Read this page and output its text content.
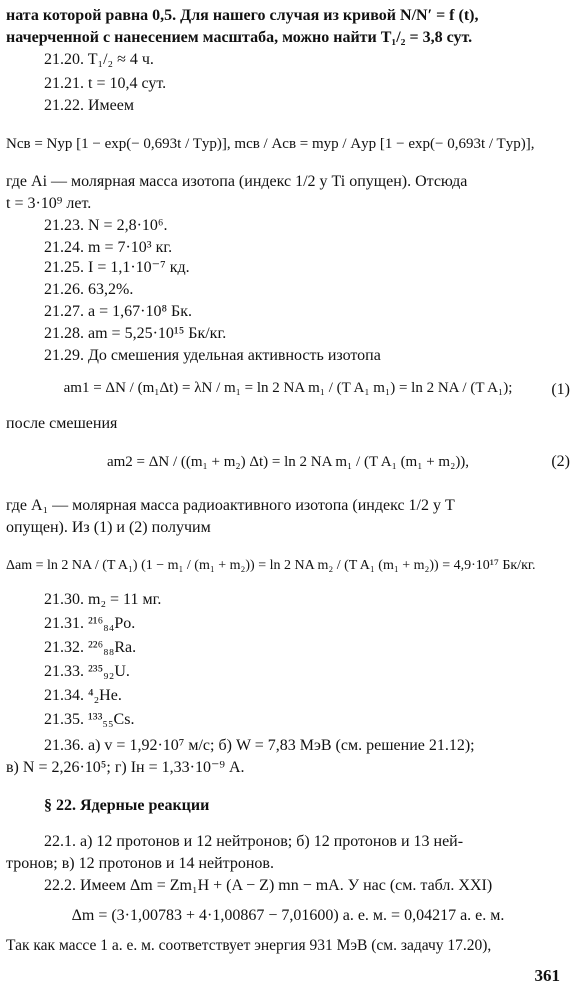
ната которой равна 0,5. Для нашего случая из кривой N/N′ = f (t),
начерченной с нанесением масштаба, можно найти T₁/₂ = 3,8 сут.
21.20. T₁/₂ ≈ 4 ч.
21.21. t = 10,4 сут.
21.22. Имеем
Nсв = Nур [1 − exp(− 0,693t / Tур)], mсв / Aсв = mур / Aур [1 − exp(− 0,693t / Tур)],
где Ai — молярная масса изотопа (индекс 1/2 у Ti опущен). Отсюда
t = 3·10⁹ лет.
21.23. N = 2,8·10⁶.
21.24. m = 7·10³ кг.
21.25. I = 1,1·10⁻⁷ кд.
21.26. 63,2%.
21.27. a = 1,67·10⁸ Бк.
21.28. am = 5,25·10¹⁵ Бк/кг.
21.29. До смешения удельная активность изотопа
am1 = ΔN / (m₁Δt) = λN / m₁ = ln 2 NA m₁ / (T A₁ m₁) = ln 2 NA / (T A₁);	(1)
после смешения
am2 = ΔN / ((m₁ + m₂) Δt) = ln 2 NA m₁ / (T A₁ (m₁ + m₂)),	(2)
где A₁ — молярная масса радиоактивного изотопа (индекс 1/2 у T
опущен). Из (1) и (2) получим
Δam = ln 2 NA / (T A₁) (1 − m₁ / (m₁ + m₂)) = ln 2 NA m₂ / (T A₁ (m₁ + m₂)) = 4,9·10¹⁷ Бк/кг.
21.30. m₂ = 11 мг.
21.31. ²¹⁶₈₄Po.
21.32. ²²⁶₈₈Ra.
21.33. ²³⁵₉₂U.
21.34. ⁴₂He.
21.35. ¹³³₅₅Cs.
21.36. а) v = 1,92·10⁷ м/с; б) W = 7,83 МэВ (см. решение 21.12);
в) N = 2,26·10⁵; г) Iн = 1,33·10⁻⁹ А.
§ 22. Ядерные реакции
22.1. а) 12 протонов и 12 нейтронов; б) 12 протонов и 13 ней-
тронов; в) 12 протонов и 14 нейтронов.
22.2. Имеем Δm = Zm₁H + (A − Z) mn − mA. У нас (см. табл. XXI)
Δm = (3·1,00783 + 4·1,00867 − 7,01600) а. е. м. = 0,04217 а. е. м.
Так как массе 1 а. е. м. соответствует энергия 931 МэВ (см. задачу 17.20),
361
